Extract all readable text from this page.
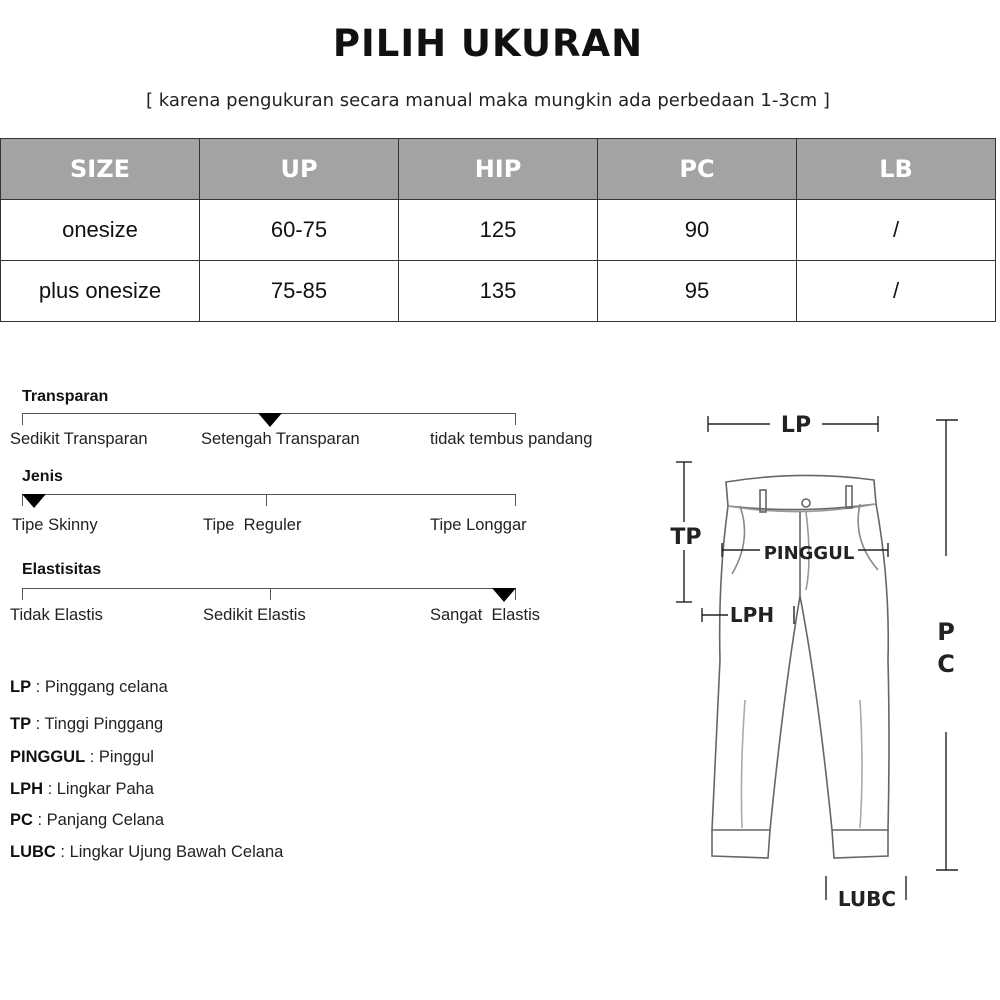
PILIH UKURAN
[ karena pengukuran secara manual maka mungkin ada perbedaan 1-3cm ]
SIZE	UP	HIP	PC	LB
onesize	60-75	125	90	/
plus onesize	75-85	135	95	/
Transparan
Sedikit Transparan	Setengah Transparan	tidak tembus pandang
Jenis
Tipe Skinny	Tipe  Reguler	Tipe Longgar
Elastisitas
Tidak Elastis	Sedikit Elastis	Sangat  Elastis
LP : Pinggang celana
TP : Tinggi Pinggang
PINGGUL : Pinggul
LPH : Lingkar Paha
PC : Panjang Celana
LUBC : Lingkar Ujung Bawah Celana
LP
TP
PINGGUL
LPH
P
C
LUBC
